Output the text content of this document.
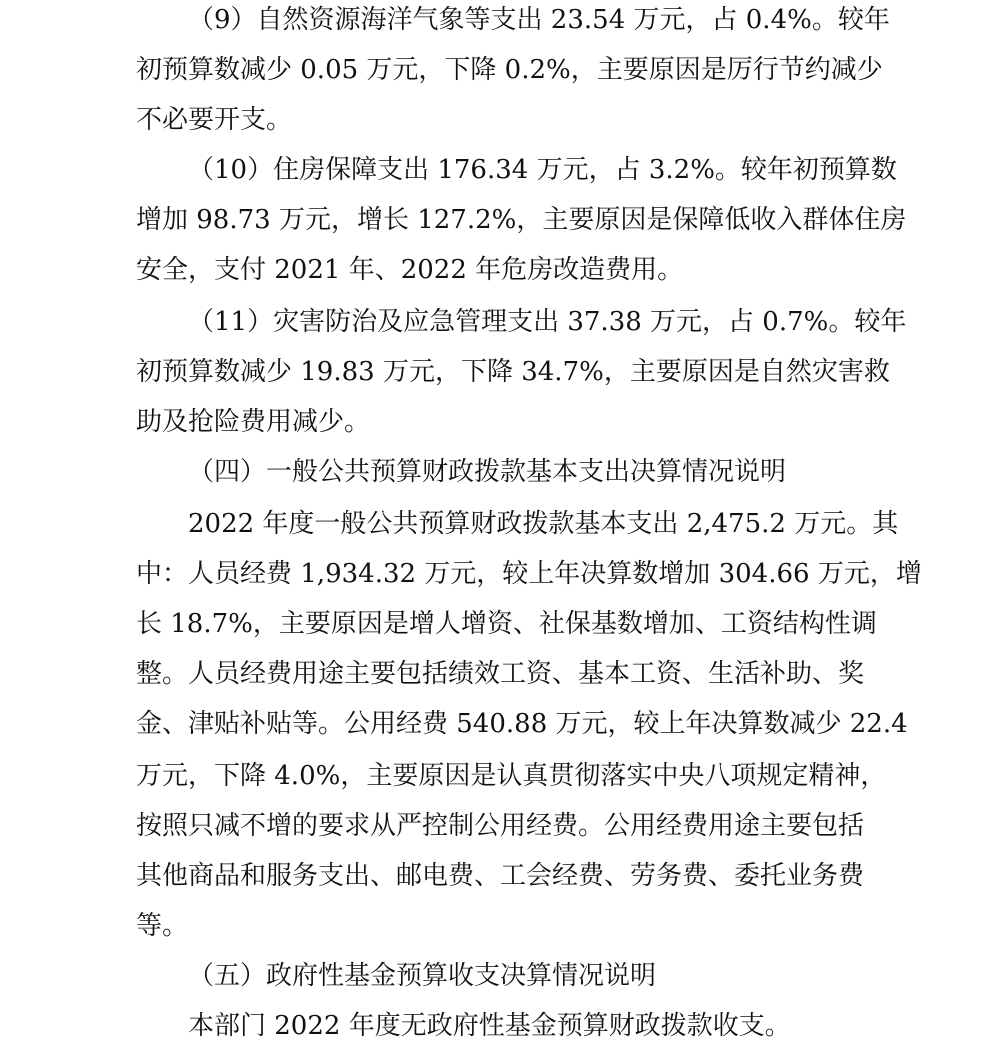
（9）自然资源海洋气象等支出 23.54 万元，占 0.4%。较年
初预算数减少 0.05 万元，下降 0.2%，主要原因是厉行节约减少
不必要开支。
（10）住房保障支出 176.34 万元，占 3.2%。较年初预算数
增加 98.73 万元，增长 127.2%，主要原因是保障低收入群体住房
安全，支付 2021 年、2022 年危房改造费用。
（11）灾害防治及应急管理支出 37.38 万元，占 0.7%。较年
初预算数减少 19.83 万元，下降 34.7%，主要原因是自然灾害救
助及抢险费用减少。
（四）一般公共预算财政拨款基本支出决算情况说明
2022 年度一般公共预算财政拨款基本支出 2,475.2 万元。其
中：人员经费 1,934.32 万元，较上年决算数增加 304.66 万元，增
长 18.7%，主要原因是增人增资、社保基数增加、工资结构性调
整。人员经费用途主要包括绩效工资、基本工资、生活补助、奖
金、津贴补贴等。公用经费 540.88 万元，较上年决算数减少 22.4
万元，下降 4.0%，主要原因是认真贯彻落实中央八项规定精神，
按照只减不增的要求从严控制公用经费。公用经费用途主要包括
其他商品和服务支出、邮电费、工会经费、劳务费、委托业务费
等。
（五）政府性基金预算收支决算情况说明
本部门 2022 年度无政府性基金预算财政拨款收支。
